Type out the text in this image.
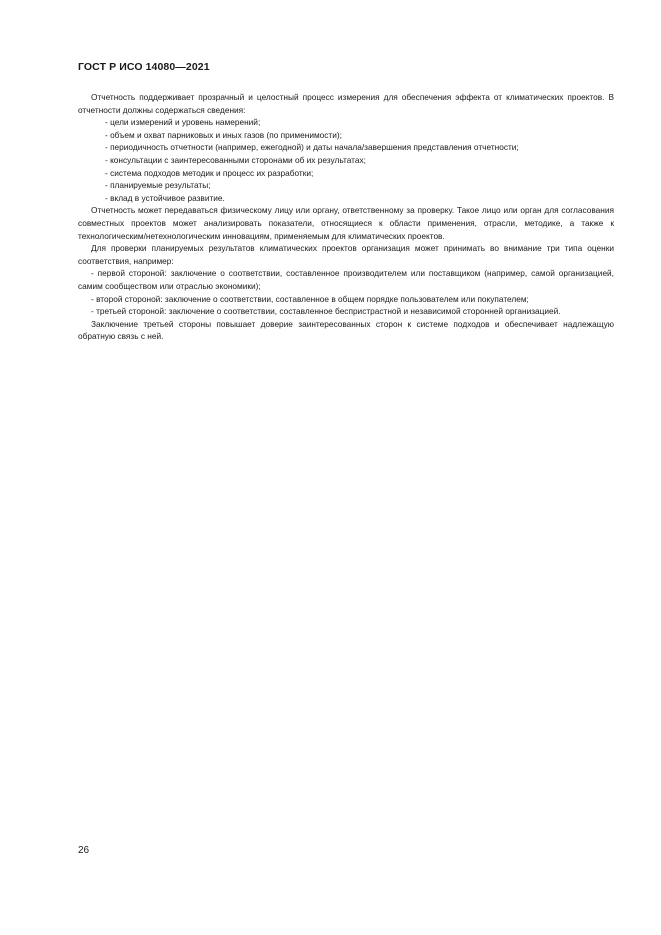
ГОСТ Р ИСО 14080—2021

Отчетность поддерживает прозрачный и целостный процесс измерения для обеспечения эффекта от климатических проектов. В отчетности должны содержаться сведения:

- цели измерений и уровень намерений;
- объем и охват парниковых и иных газов (по применимости);
- периодичность отчетности (например, ежегодной) и даты начала/завершения представления отчетности;
- консультации с заинтересованными сторонами об их результатах;
- система подходов методик и процесс их разработки;
- планируемые результаты;
- вклад в устойчивое развитие.

Отчетность может передаваться физическому лицу или органу, ответственному за проверку. Такое лицо или орган для согласования совместных проектов может анализировать показатели, относящиеся к области применения, отрасли, методике, а также к технологическим/нетехнологическим инновациям, применяемым для климатических проектов.

Для проверки планируемых результатов климатических проектов организация может принимать во внимание три типа оценки соответствия, например:

- первой стороной: заключение о соответствии, составленное производителем или поставщиком (например, самой организацией, самим сообществом или отраслью экономики);

- второй стороной: заключение о соответствии, составленное в общем порядке пользователем или покупателем;

- третьей стороной: заключение о соответствии, составленное беспристрастной и независимой сторонней организацией.

Заключение третьей стороны повышает доверие заинтересованных сторон к системе подходов и обеспечивает надлежащую обратную связь с ней.

26
